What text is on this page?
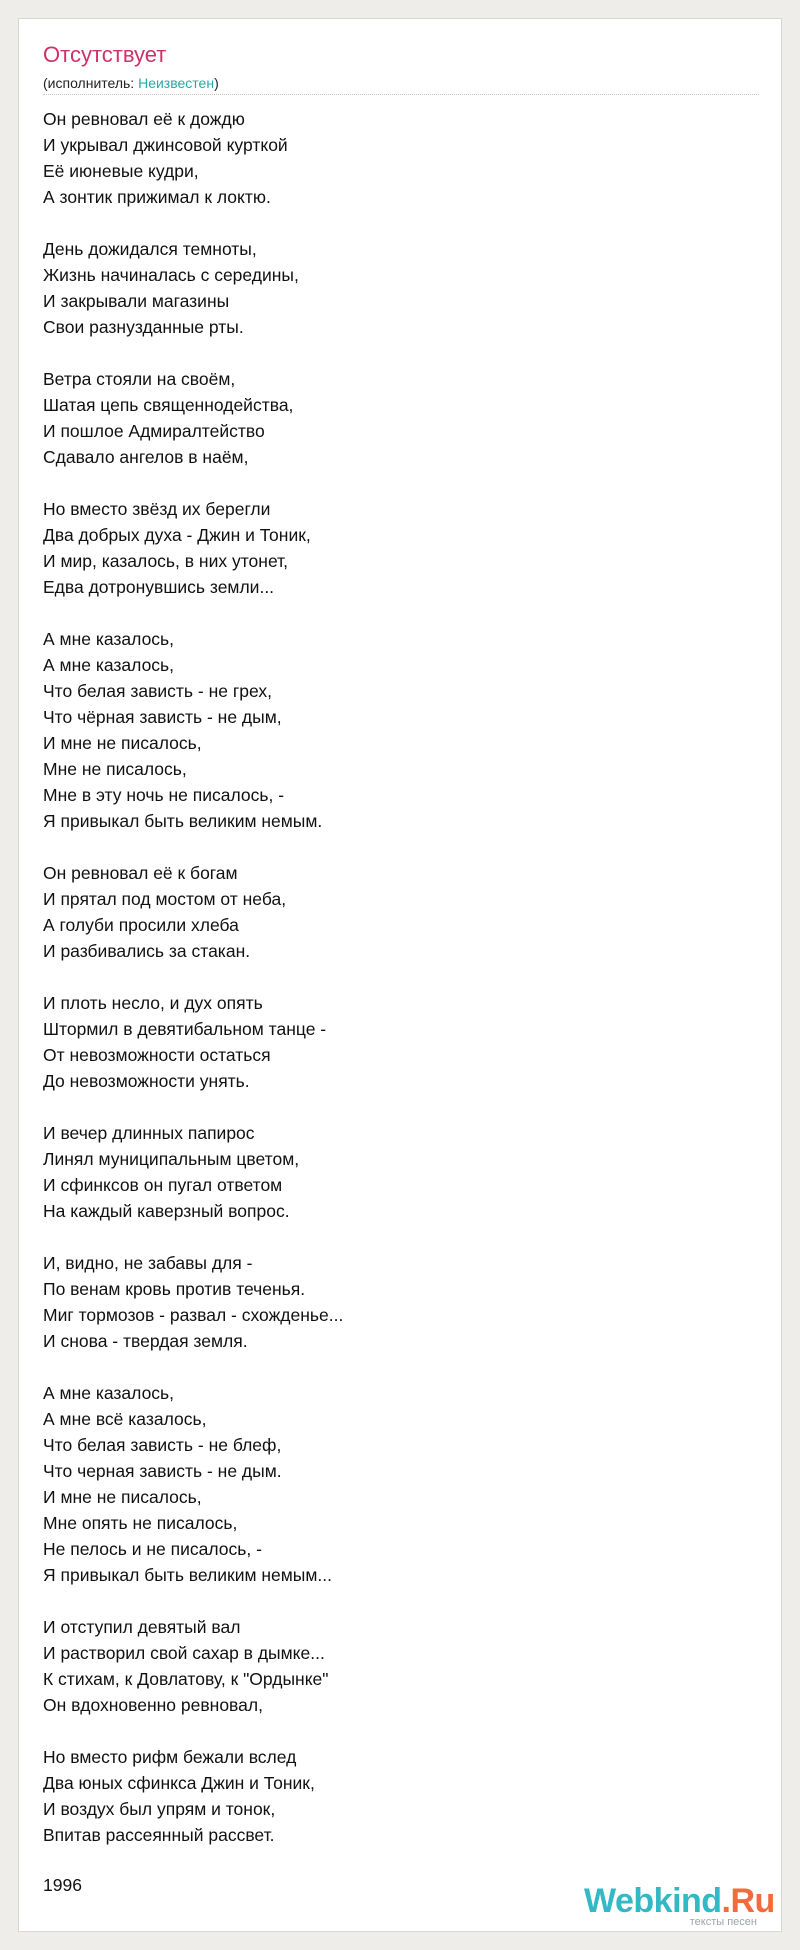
Отсутствует
(исполнитель: Неизвестен)
Он ревновал её к дождю
И укрывал джинсовой курткой
Её июневые кудри,
А зонтик прижимал к локтю.
День дожидался темноты,
Жизнь начиналась с середины,
И закрывали магазины
Свои разнузданные рты.
Ветра стояли на своём,
Шатая цепь священнодейства,
И пошлое Адмиралтейство
Сдавало ангелов в наём,
Но вместо звёзд их берегли
Два добрых духа - Джин и Тоник,
И мир, казалось, в них утонет,
Едва дотронувшись земли...
А мне казалось,
А мне казалось,
Что белая зависть - не грех,
Что чёрная зависть - не дым,
И мне не писалось,
Мне не писалось,
Мне в эту ночь не писалось, -
Я привыкал быть великим немым.
Он ревновал её к богам
И прятал под мостом от неба,
А голуби просили хлеба
И разбивались за стакан.
И плоть несло, и дух опять
Штормил в девятибальном танце -
От невозможности остаться
До невозможности унять.
И вечер длинных папирос
Линял муниципальным цветом,
И сфинксов он пугал ответом
На каждый каверзный вопрос.
И, видно, не забавы для -
По венам кровь против теченья.
Миг тормозов - развал - схожденье...
И снова - твердая земля.
А мне казалось,
А мне всё казалось,
Что белая зависть - не блеф,
Что черная зависть - не дым.
И мне не писалось,
Мне опять не писалось,
Не пелось и не писалось, -
Я привыкал быть великим немым...
И отступил девятый вал
И растворил свой сахар в дымке...
К стихам, к Довлатову, к "Ордынке"
Он вдохновенно ревновал,
Но вместо рифм бежали вслед
Два юных сфинкса Джин и Тоник,
И воздух был упрям и тонок,
Впитав рассеянный рассвет.
1996	Webkind.Ru
тексты песен
